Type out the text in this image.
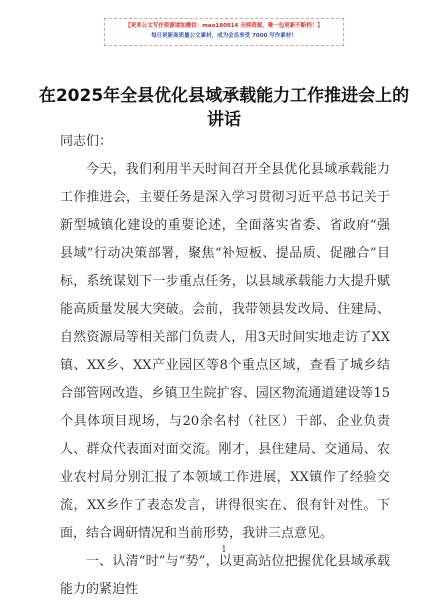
【更多公文写作资源请加微信：mao180914 全网资源，唯一包更新不断档！】
每日更新高质量公文素材，成为会员享受 7000 写作素材！
在2025年全县优化县域承载能力工作推进会上的讲话

同志们：

今天，我们利用半天时间召开全县优化县域承载能力工作推进会，主要任务是深入学习贯彻习近平总书记关于新型城镇化建设的重要论述，全面落实省委、省政府“强县域”行动决策部署，聚焦“补短板、提品质、促融合”目标，系统谋划下一步重点任务，以县域承载能力大提升赋能高质量发展大突破。会前，我带领县发改局、住建局、自然资源局等相关部门负责人，用3天时间实地走访了XX镇、XX乡、XX产业园区等8个重点区域，查看了城乡结合部管网改造、乡镇卫生院扩容、园区物流通道建设等15个具体项目现场，与20余名村（社区）干部、企业负责人、群众代表面对面交流。刚才，县住建局、交通局、农业农村局分别汇报了本领域工作进展，XX镇作了经验交流，XX乡作了表态发言，讲得很实在、很有针对性。下面，结合调研情况和当前形势，我讲三点意见。

一、认清“时”与“势”，以更高站位把握优化县域承载能力的紧迫性

1
